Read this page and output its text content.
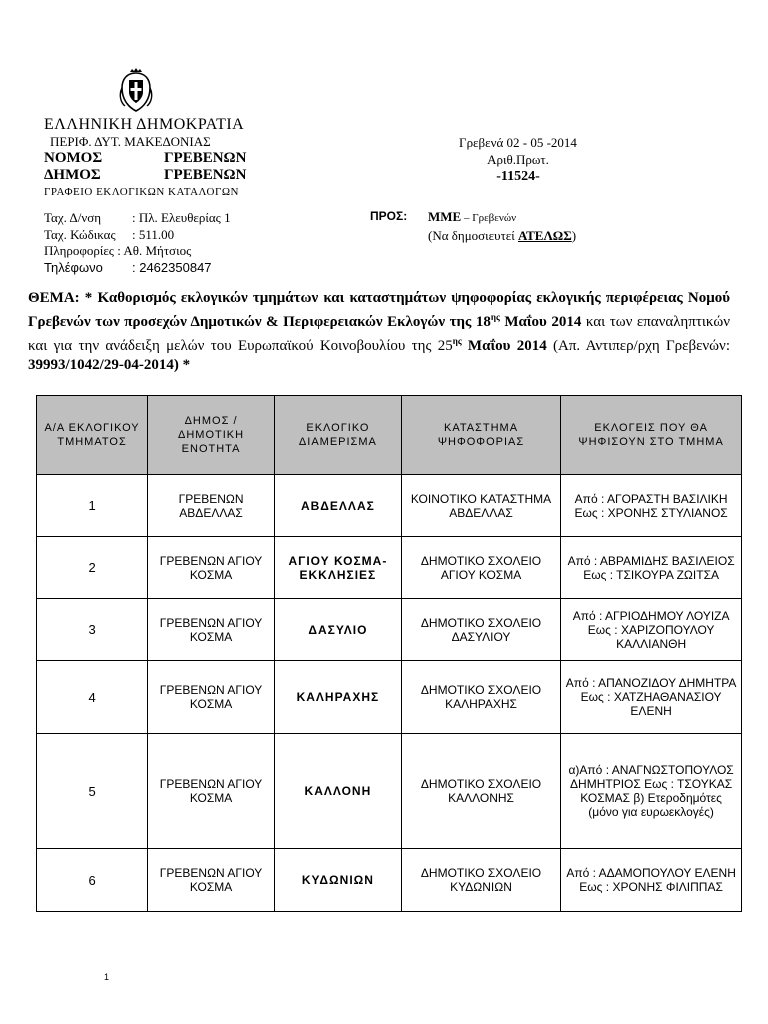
ΕΛΛΗΝΙΚΗ ΔΗΜΟΚΡΑΤΙΑ
ΠΕΡΙΦ. ΔΥΤ. ΜΑΚΕΔΟΝΙΑΣ
ΝΟΜΟΣ	ΓΡΕΒΕΝΩΝ
ΔΗΜΟΣ	ΓΡΕΒΕΝΩΝ
ΓΡΑΦΕΙΟ ΕΚΛΟΓΙΚΩΝ ΚΑΤΑΛΟΓΩΝ
Ταχ. Δ/νση : Πλ. Ελευθερίας 1
Ταχ. Κώδικας : 511.00
Πληροφορίες : Αθ. Μήτσιος
Τηλέφωνο : 2462350847
Γρεβενά 02 - 05 -2014
Αριθ.Πρωτ.
-11524-
ΠΡΟΣ: ΜΜΕ – Γρεβενών
(Να δημοσιευτεί ΑΤΕΛΩΣ)
ΘΕΜΑ: * Καθορισμός εκλογικών τμημάτων και καταστημάτων ψηφοφορίας εκλογικής περιφέρειας Νομού Γρεβενών των προσεχών Δημοτικών & Περιφερειακών Εκλογών της $18^{\eta\varsigma}$ Μαΐου 2014 και των επαναληπτικών και για την ανάδειξη μελών του Ευρωπαϊκού Κοινοβουλίου της $25^{\eta\varsigma}$ Μαΐου 2014 (Απ. Αντιπερ/ρχη Γρεβενών: 39993/1042/29-04-2014) *
Α/Α ΕΚΛΟΓΙΚΟΥ ΤΜΗΜΑΤΟΣ	ΔΗΜΟΣ / ΔΗΜΟΤΙΚΗ ΕΝΟΤΗΤΑ	ΕΚΛΟΓΙΚΟ ΔΙΑΜΕΡΙΣΜΑ	ΚΑΤΑΣΤΗΜΑ ΨΗΦΟΦΟΡΙΑΣ	ΕΚΛΟΓΕΙΣ ΠΟΥ ΘΑ ΨΗΦΙΣΟΥΝ ΣΤΟ ΤΜΗΜΑ
1	ΓΡΕΒΕΝΩΝ ΑΒΔΕΛΛΑΣ	ΑΒΔΕΛΛΑΣ	ΚΟΙΝΟΤΙΚΟ ΚΑΤΑΣΤΗΜΑ ΑΒΔΕΛΛΑΣ	Από : ΑΓΟΡΑΣΤΗ ΒΑΣΙΛΙΚΗ Εως : ΧΡΟΝΗΣ ΣΤΥΛΙΑΝΟΣ
2	ΓΡΕΒΕΝΩΝ ΑΓΙΟΥ ΚΟΣΜΑ	ΑΓΙΟΥ ΚΟΣΜΑ-ΕΚΚΛΗΣΙΕΣ	ΔΗΜΟΤΙΚΟ ΣΧΟΛΕΙΟ ΑΓΙΟΥ ΚΟΣΜΑ	Από : ΑΒΡΑΜΙΔΗΣ ΒΑΣΙΛΕΙΟΣ Εως : ΤΣΙΚΟΥΡΑ ΖΩΙΤΣΑ
3	ΓΡΕΒΕΝΩΝ ΑΓΙΟΥ ΚΟΣΜΑ	ΔΑΣΥΛΙΟ	ΔΗΜΟΤΙΚΟ ΣΧΟΛΕΙΟ ΔΑΣΥΛΙΟΥ	Από : ΑΓΡΙΟΔΗΜΟΥ ΛΟΥΙΖΑ Εως : ΧΑΡΙΖΟΠΟΥΛΟΥ ΚΑΛΛΙΑΝΘΗ
4	ΓΡΕΒΕΝΩΝ ΑΓΙΟΥ ΚΟΣΜΑ	ΚΑΛΗΡΑΧΗΣ	ΔΗΜΟΤΙΚΟ ΣΧΟΛΕΙΟ ΚΑΛΗΡΑΧΗΣ	Από : ΑΠΑΝΟΖΙΔΟΥ ΔΗΜΗΤΡΑ Εως : ΧΑΤΖΗΑΘΑΝΑΣΙΟΥ ΕΛΕΝΗ
5	ΓΡΕΒΕΝΩΝ ΑΓΙΟΥ ΚΟΣΜΑ	ΚΑΛΛΟΝΗ	ΔΗΜΟΤΙΚΟ ΣΧΟΛΕΙΟ ΚΑΛΛΟΝΗΣ	α)Από : ΑΝΑΓΝΩΣΤΟΠΟΥΛΟΣ ΔΗΜΗΤΡΙΟΣ Εως : ΤΣΟΥΚΑΣ ΚΟΣΜΑΣ β) Ετεροδημότες (μόνο για ευρωεκλογές)
6	ΓΡΕΒΕΝΩΝ ΑΓΙΟΥ ΚΟΣΜΑ	ΚΥΔΩΝΙΩΝ	ΔΗΜΟΤΙΚΟ ΣΧΟΛΕΙΟ ΚΥΔΩΝΙΩΝ	Από : ΑΔΑΜΟΠΟΥΛΟΥ ΕΛΕΝΗ Εως : ΧΡΟΝΗΣ ΦΙΛΙΠΠΑΣ
1
